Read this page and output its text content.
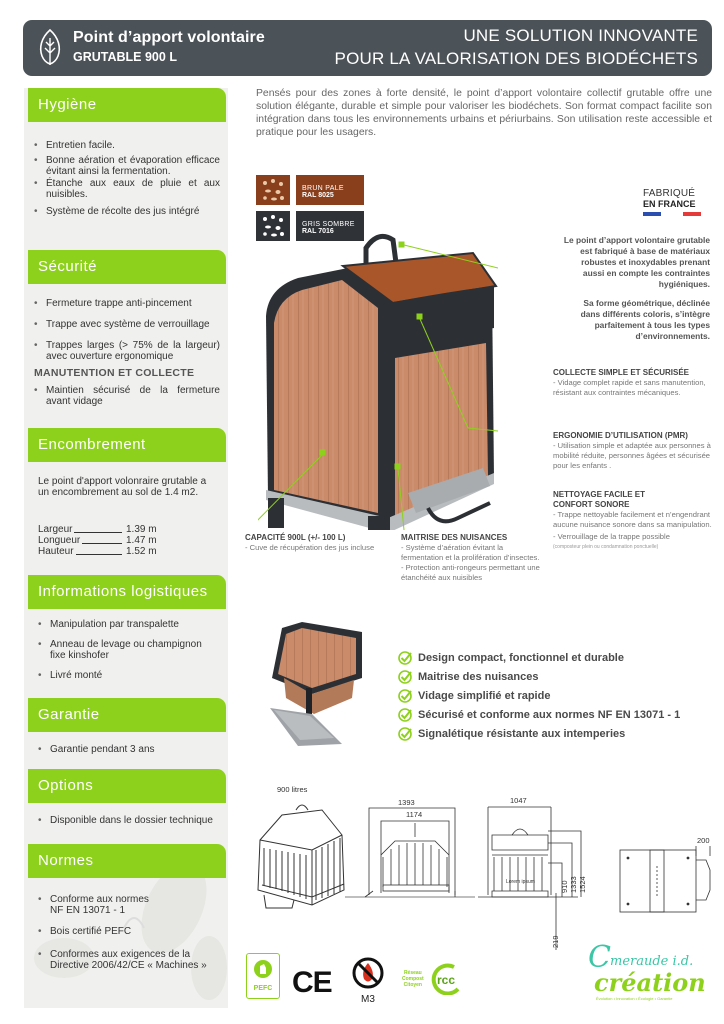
Point d’apport volontaire
GRUTABLE 900 L
UNE SOLUTION INNOVANTE
POUR LA VALORISATION DES BIODÉCHETS
Hygiène
• Entretien facile.
• Bonne aération et évaporation efficace évitant ainsi la fermentation.
• Étanche aux eaux de pluie et aux nuisibles.
• Système de récolte des jus intégré
Sécurité
• Fermeture trappe anti-pincement
• Trappe avec système de verrouillage
• Trappes larges (> 75% de la largeur) avec ouverture ergonomique
MANUTENTION ET COLLECTE
• Maintien sécurisé de la fermeture avant vidage
Encombrement
Le point d'apport volonraire grutable a un encombrement au sol de 1.4 m2.
Largeur	1.39 m
Longueur	1.47 m
Hauteur	1.52 m
Informations logistiques
• Manipulation par transpalette
• Anneau de levage ou champignon fixe kinshofer
• Livré monté
Garantie
• Garantie pendant 3 ans
Options
• Disponible dans le dossier technique
Normes
• Conforme aux normes NF EN 13071 - 1
• Bois certifié PEFC
• Conformes aux exigences de la Directive 2006/42/CE « Machines »
Pensés pour des zones à forte densité, le point d’apport volontaire collectif grutable offre une solution élégante, durable et simple pour valoriser les biodéchets. Son format compact facilite son intégration dans tous les environnements urbains et périurbains. Son utilisation reste accessible et pratique pour les usagers.
BRUN PALE
RAL 8025
GRIS SOMBRE
RAL 7016
FABRIQUÉ
EN FRANCE
Le point d’apport volontaire grutable est fabriqué à base de matériaux robustes et inoxydables prenant aussi en compte les contraintes hygiéniques.
Sa forme géométrique, déclinée dans différents coloris, s’intègre parfaitement à tous les types d’environnements.
COLLECTE SIMPLE ET SÉCURISÉE
- Vidage complet rapide et sans manutention, résistant aux contraintes mécaniques.
ERGONOMIE D’UTILISATION (PMR)
- Utilisation simple et adaptée aux personnes à mobilité réduite, personnes âgées et sécurisée pour les enfants .
NETTOYAGE FACILE ET
CONFORT SONORE
- Trappe nettoyable facilement et n’engendrant aucune nuisance sonore dans sa manipulation.
- Verrouillage de la trappe possible
(composteur plein ou condamnation ponctuelle)
CAPACITÉ 900L (+/- 100 L)
- Cuve de récupération des jus incluse
MAITRISE DES NUISANCES
- Système d’aération évitant la fermentation et la prolifération d’insectes.
- Protection anti-rongeurs permettant une étanchéité aux nuisibles
Design compact, fonctionnel et durable
Maitrise des nuisances
Vidage simplifié et rapide
Sécurisé et conforme aux normes NF EN 13071 - 1
Signalétique résistante aux intemperies
900 litres
1393
1174
1047
Lorem ipsum	910 1333 1524
219
200
PEFC CE
M3
Réseau
Compost
Citoyen rcc
C meraude i.d.
création
Évolution • Innovation • Écologie • Garantie
